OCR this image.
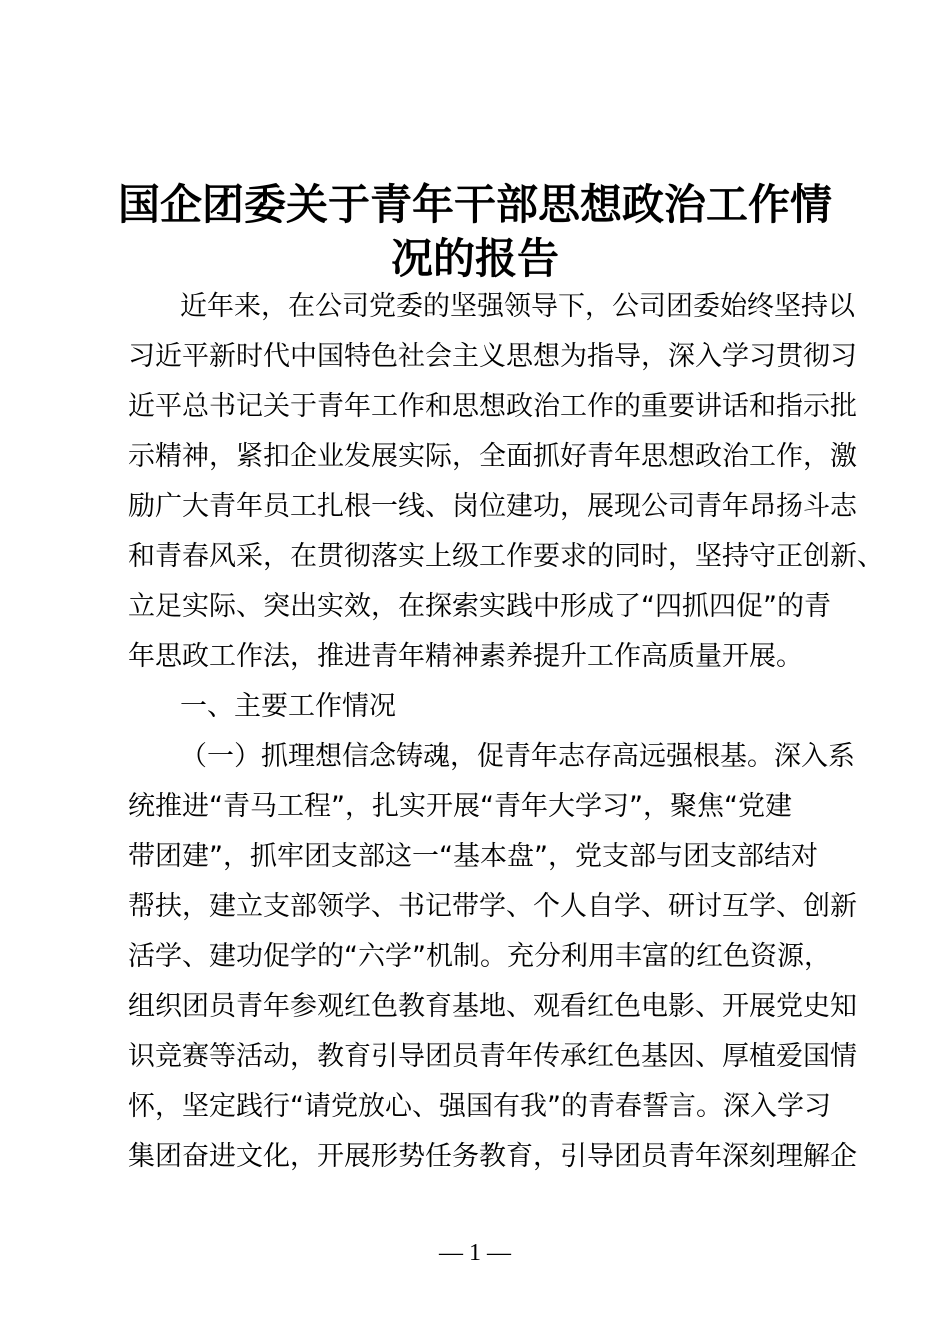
国企团委关于青年干部思想政治工作情
况的报告
近年来，在公司党委的坚强领导下，公司团委始终坚持以
习近平新时代中国特色社会主义思想为指导，深入学习贯彻习
近平总书记关于青年工作和思想政治工作的重要讲话和指示批
示精神，紧扣企业发展实际，全面抓好青年思想政治工作，激
励广大青年员工扎根一线、岗位建功，展现公司青年昂扬斗志
和青春风采，在贯彻落实上级工作要求的同时，坚持守正创新、
立足实际、突出实效，在探索实践中形成了“四抓四促”的青
年思政工作法，推进青年精神素养提升工作高质量开展。
一、主要工作情况
（一）抓理想信念铸魂，促青年志存高远强根基。深入系
统推进“青马工程”，扎实开展“青年大学习”，聚焦“党建
带团建”，抓牢团支部这一“基本盘”，党支部与团支部结对
帮扶，建立支部领学、书记带学、个人自学、研讨互学、创新
活学、建功促学的“六学”机制。充分利用丰富的红色资源，
组织团员青年参观红色教育基地、观看红色电影、开展党史知
识竞赛等活动，教育引导团员青年传承红色基因、厚植爱国情
怀，坚定践行“请党放心、强国有我”的青春誓言。深入学习
集团奋进文化，开展形势任务教育，引导团员青年深刻理解企
— 1 —
